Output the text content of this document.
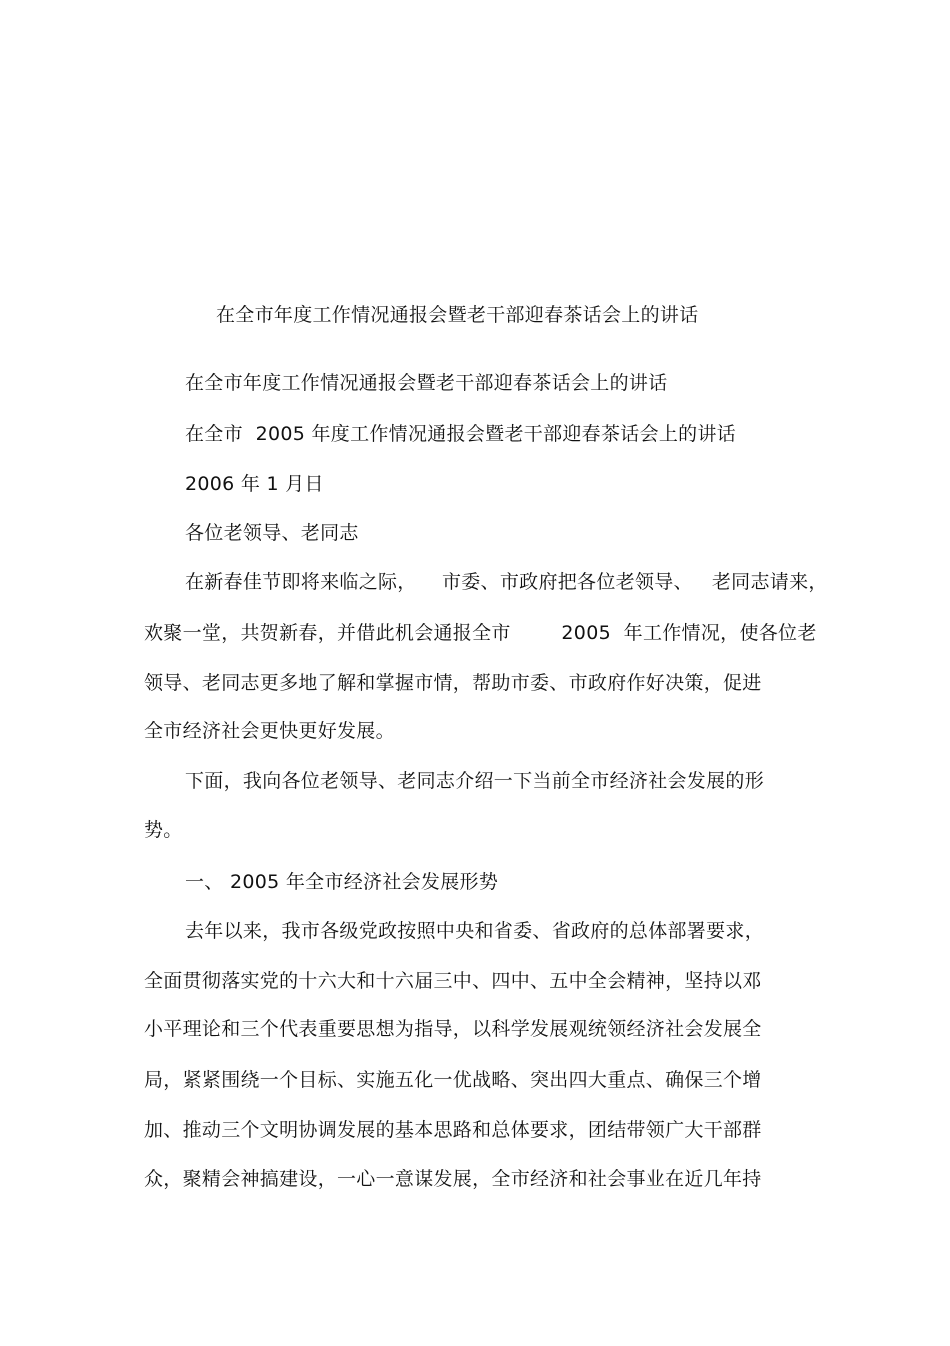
在全市年度工作情况通报会暨老干部迎春茶话会上的讲话
在全市年度工作情况通报会暨老干部迎春茶话会上的讲话
在全市  2005 年度工作情况通报会暨老干部迎春茶话会上的讲话
2006 年 1 月日
各位老领导、老同志
在新春佳节即将来临之际，    市委、市政府把各位老领导、   老同志请来，
欢聚一堂，共贺新春，并借此机会通报全市        2005  年工作情况，使各位老
领导、老同志更多地了解和掌握市情，帮助市委、市政府作好决策，促进
全市经济社会更快更好发展。
下面，我向各位老领导、老同志介绍一下当前全市经济社会发展的形
势。
一、 2005 年全市经济社会发展形势
去年以来，我市各级党政按照中央和省委、省政府的总体部署要求，
全面贯彻落实党的十六大和十六届三中、四中、五中全会精神，坚持以邓
小平理论和三个代表重要思想为指导，以科学发展观统领经济社会发展全
局，紧紧围绕一个目标、实施五化一优战略、突出四大重点、确保三个增
加、推动三个文明协调发展的基本思路和总体要求，团结带领广大干部群
众，聚精会神搞建设，一心一意谋发展，全市经济和社会事业在近几年持
